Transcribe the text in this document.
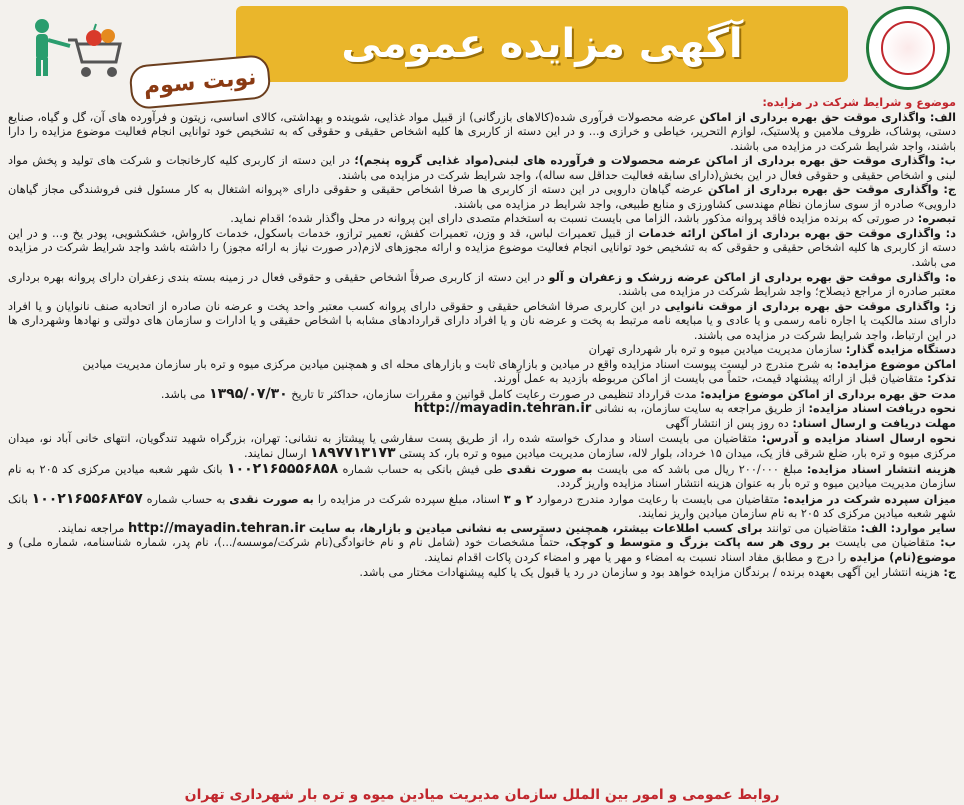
آگهی مزایده عمومی
نوبت سوم

موضوع و شرایط شرکت در مزایده:

الف: واگذاری موقت حق بهره برداری از اماکن عرضه محصولات فرآوری شده(کالاهای بازرگانی) از قبیل مواد غذایی، شوینده و بهداشتی، کالای اساسی، زیتون و فرآورده های آن، گل و گیاه، صنایع دستی، پوشاک، ظروف ملامین و پلاستیک، لوازم التحریر، خیاطی و خرازی و... و در این دسته از کاربری ها کلیه اشخاص حقیقی و حقوقی که به تشخیص خود توانایی انجام فعالیت موضوع مزایده را دارا باشند، واجد شرایط شرکت در مزایده می باشند.

ب: واگذاری موقت حق بهره برداری از اماکن عرضه محصولات و فرآورده های لبنی(مواد غذایی گروه پنجم)؛ در این دسته از کاربری کلیه کارخانجات و شرکت های تولید و پخش مواد لبنی و اشخاص حقیقی و حقوقی فعال در این بخش(دارای سابقه فعالیت حداقل سه ساله)، واجد شرایط شرکت در مزایده می باشند.

ج: واگذاری موقت حق بهره برداری از اماکن عرضه گیاهان دارویی در این دسته از کاربری ها صرفا اشخاص حقیقی و حقوقی دارای «پروانه اشتغال به کار مسئول فنی فروشندگی مجاز گیاهان دارویی» صادره از سوی سازمان نظام مهندسی کشاورزی و منابع طبیعی، واجد شرایط در مزایده می باشند.

تبصره: در صورتی که برنده مزایده فاقد پروانه مذکور باشد، الزاما می بایست نسبت به استخدام متصدی دارای این پروانه در محل واگذار شده؛ اقدام نماید.

د: واگذاری موقت حق بهره برداری از اماکن ارائه خدمات از قبیل تعمیرات لباس، قد و وزن، تعمیرات کفش، تعمیر ترازو، خدمات باسکول، خدمات کارواش، خشکشویی، پودر یخ و... و در این دسته از کاربری ها کلیه اشخاص حقیقی و حقوقی که به تشخیص خود توانایی انجام فعالیت موضوع مزایده و ارائه مجوزهای لازم(در صورت نیاز به ارائه مجوز) را داشته باشد واجد شرایط شرکت در مزایده می باشد.

ه: واگذاری موقت حق بهره برداری از اماکن عرضه زرشک و زعفران و آلو در این دسته از کاربری صرفاً اشخاص حقیقی و حقوقی فعال در زمینه بسته بندی زعفران دارای پروانه بهره برداری معتبر صادره از مراجع ذیصلاح؛ واجد شرایط شرکت در مزایده می باشند.

ز: واگذاری موقت حق بهره برداری از موقت نانوایی در این کاربری صرفا اشخاص حقیقی و حقوقی دارای پروانه کسب معتبر واحد پخت و عرضه نان صادره از اتحادیه صنف نانوایان و یا افراد دارای سند مالکیت یا اجاره نامه رسمی و یا عادی و یا مبایعه نامه مرتبط به پخت و عرضه نان و یا افراد دارای قراردادهای مشابه با اشخاص حقیقی و یا ادارات و سازمان های دولتی و نهادها وشهرداری ها در این ارتباط، واجد شرایط شرکت در مزایده می باشند.

دستگاه مزایده گذار: سازمان مدیریت میادین میوه و تره بار شهرداری تهران

اماکن موضوع مزایده: به شرح مندرج در لیست پیوست اسناد مزایده واقع در میادین و بازارهای ثابت و بازارهای محله ای و همچنین میادین مرکزی میوه و تره بار سازمان مدیریت میادین

تذکر: متقاضیان قبل از ارائه پیشنهاد قیمت، حتماً می بایست از اماکن مربوطه بازدید به عمل آورند.

مدت حق بهره برداری از اماکن موضوع مزایده: مدت قرارداد تنظیمی در صورت رعایت کامل قوانین و مقررات سازمان، حداکثر تا تاریخ ۱۳۹۵/۰۷/۳۰ می باشد.

نحوه دریافت اسناد مزایده: از طریق مراجعه به سایت سازمان، به نشانی http://mayadin.tehran.ir

مهلت دریافت و ارسال اسناد: ده روز پس از انتشار آگهی

نحوه ارسال اسناد مزایده و آدرس: متقاضیان می بایست اسناد و مدارک خواسته شده را، از طریق پست سفارشی یا پیشتاز به نشانی: تهران، بزرگراه شهید تندگویان، انتهای خانی آباد نو، میدان مرکزی میوه و تره بار، ضلع شرقی فاز یک، میدان ۱۵ خرداد، بلوار لاله، سازمان مدیریت میادین میوه و تره بار، کد پستی ۱۸۹۷۷۱۳۱۷۳ ارسال نمایند.

هزینه انتشار اسناد مزایده: مبلغ ۲۰۰/۰۰۰ ریال می باشد که می بایست به صورت نقدی طی فیش بانکی به حساب شماره ۱۰۰۲۱۶۵۵۵۶۸۵۸ بانک شهر شعبه میادین مرکزی کد ۲۰۵ به نام سازمان مدیریت میادین میوه و تره بار به عنوان هزینه انتشار اسناد مزایده واریز گردد.

میزان سپرده شرکت در مزایده: متقاضیان می بایست با رعایت موارد مندرج درموارد ۲ و ۳ اسناد، مبلغ سپرده شرکت در مزایده را به صورت نقدی به حساب شماره ۱۰۰۲۱۶۵۵۶۸۴۵۷ بانک شهر شعبه میادین مرکزی کد ۲۰۵ به نام سازمان میادین واریز نمایند.

سایر موارد: الف: متقاضیان می توانند برای کسب اطلاعات بیشتر، همچنین دسترسی به نشانی میادین و بازارها، به سایت http://mayadin.tehran.ir مراجعه نمایند.

ب: متقاضیان می بایست بر روی هر سه پاکت بزرگ و متوسط و کوچک، حتماً مشخصات خود (شامل نام و نام خانوادگی(نام شرکت/موسسه/...)، نام پدر، شماره شناسنامه، شماره ملی) و موضوع(نام) مزایده را درج و مطابق مفاد اسناد نسبت به امضاء و مهر یا مهر و امضاء کردن پاکات اقدام نمایند.

ج: هزینه انتشار این آگهی بعهده برنده / برندگان مزایده خواهد بود و سازمان در رد یا قبول یک یا کلیه پیشنهادات مختار می باشد.

روابط عمومی و امور بین الملل سازمان مدیریت میادین میوه و تره بار شهرداری تهران
